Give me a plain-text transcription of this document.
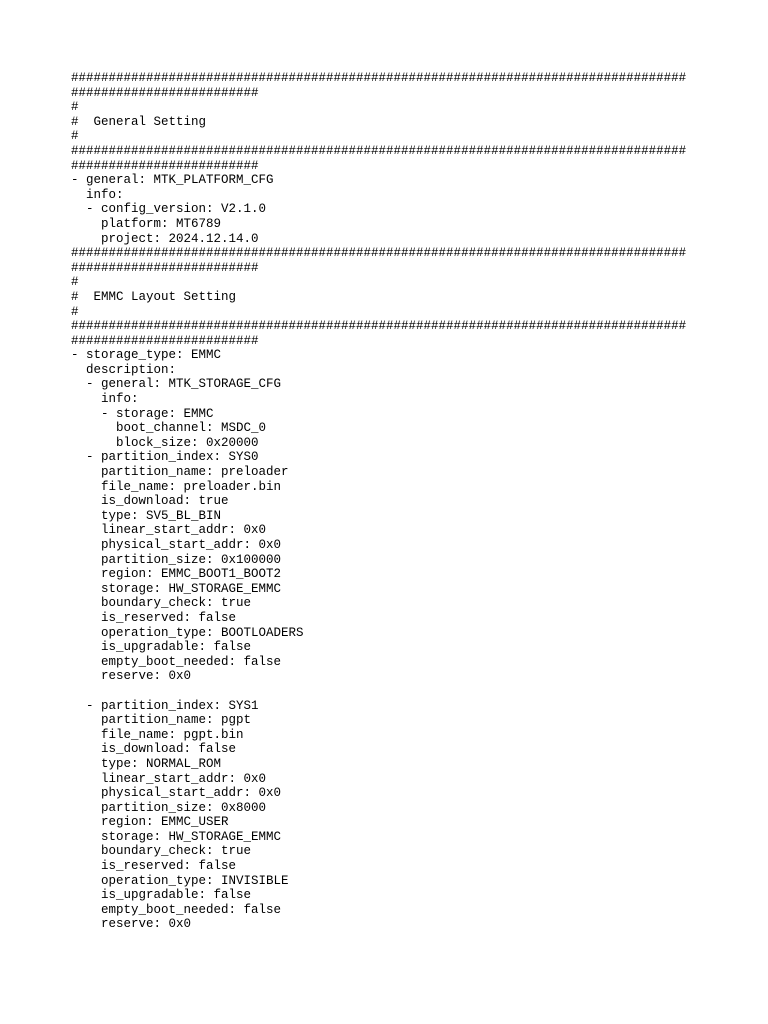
##################################################################################
#########################
#
#  General Setting
#
##################################################################################
#########################
- general: MTK_PLATFORM_CFG
info:
- config_version: V2.1.0
platform: MT6789
project: 2024.12.14.0
##################################################################################
#########################
#
#  EMMC Layout Setting
#
##################################################################################
#########################
- storage_type: EMMC
description:
- general: MTK_STORAGE_CFG
info:
- storage: EMMC
boot_channel: MSDC_0
block_size: 0x20000
- partition_index: SYS0
partition_name: preloader
file_name: preloader.bin
is_download: true
type: SV5_BL_BIN
linear_start_addr: 0x0
physical_start_addr: 0x0
partition_size: 0x100000
region: EMMC_BOOT1_BOOT2
storage: HW_STORAGE_EMMC
boundary_check: true
is_reserved: false
operation_type: BOOTLOADERS
is_upgradable: false
empty_boot_needed: false
reserve: 0x0
- partition_index: SYS1
partition_name: pgpt
file_name: pgpt.bin
is_download: false
type: NORMAL_ROM
linear_start_addr: 0x0
physical_start_addr: 0x0
partition_size: 0x8000
region: EMMC_USER
storage: HW_STORAGE_EMMC
boundary_check: true
is_reserved: false
operation_type: INVISIBLE
is_upgradable: false
empty_boot_needed: false
reserve: 0x0
